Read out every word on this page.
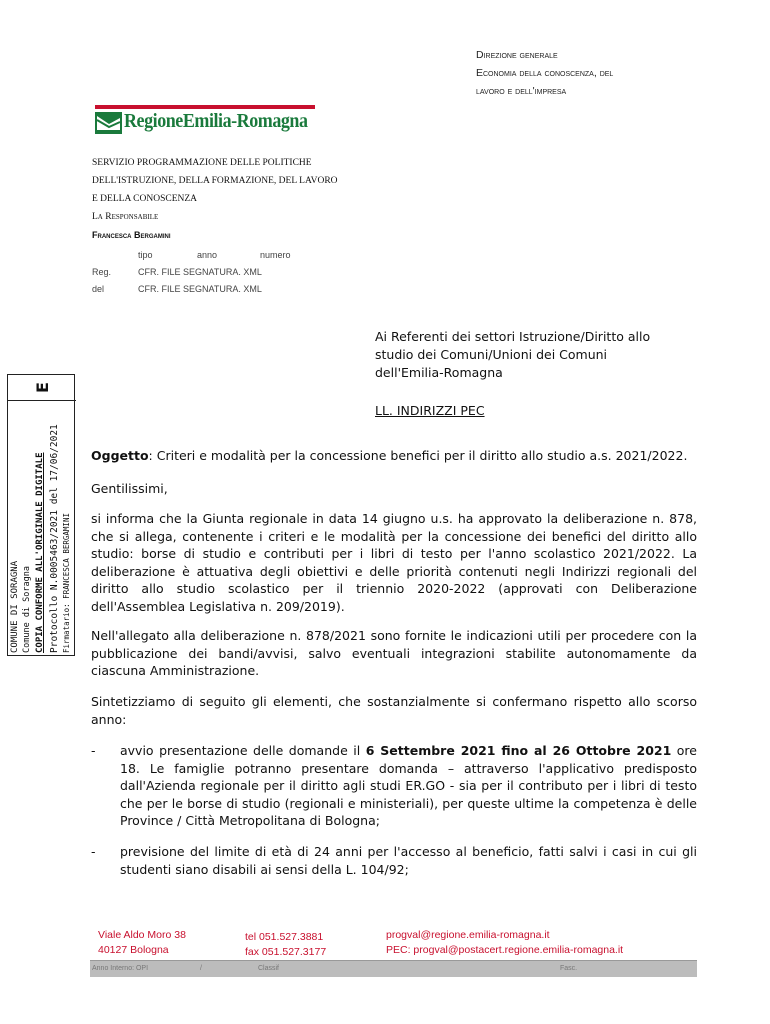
Direzione generale
Economia della conoscenza, del
lavoro e dell'impresa
RegioneEmilia-Romagna
SERVIZIO PROGRAMMAZIONE DELLE POLITICHE
DELL'ISTRUZIONE, DELLA FORMAZIONE, DEL LAVORO
E DELLA CONOSCENZA
La Responsabile
Francesca Bergamini
tipo	anno	numero
Reg.	CFR. FILE SEGNATURA. XML
del	CFR. FILE SEGNATURA. XML
Ai Referenti dei settori Istruzione/Diritto allo
studio dei Comuni/Unioni dei Comuni
dell'Emilia-Romagna
LL. INDIRIZZI PEC
Oggetto: Criteri e modalità per la concessione benefici per il diritto allo studio a.s. 2021/2022.
Gentilissimi,
si informa che la Giunta regionale in data 14 giugno u.s. ha approvato la deliberazione n. 878, che si allega, contenente i criteri e le modalità per la concessione dei benefici del diritto allo studio: borse di studio e contributi per i libri di testo per l'anno scolastico 2021/2022. La deliberazione è attuativa degli obiettivi e delle priorità contenuti negli Indirizzi regionali del diritto allo studio scolastico per il triennio 2020-2022 (approvati con Deliberazione dell'Assemblea Legislativa n. 209/2019).
Nell'allegato alla deliberazione n. 878/2021 sono fornite le indicazioni utili per procedere con la pubblicazione dei bandi/avvisi, salvo eventuali integrazioni stabilite autonomamente da ciascuna Amministrazione.
Sintetizziamo di seguito gli elementi, che sostanzialmente si confermano rispetto allo scorso anno:
- avvio presentazione delle domande il 6 Settembre 2021 fino al 26 Ottobre 2021 ore 18. Le famiglie potranno presentare domanda – attraverso l'applicativo predisposto dall'Azienda regionale per il diritto agli studi ER.GO - sia per il contributo per i libri di testo che per le borse di studio (regionali e ministeriali), per queste ultime la competenza è delle Province / Città Metropolitana di Bologna;
- previsione del limite di età di 24 anni per l'accesso al beneficio, fatti salvi i casi in cui gli studenti siano disabili ai sensi della L. 104/92;
E
COMUNE DI SORAGNA Comune di Soragna COPIA CONFORME ALL'ORIGINALE DIGITALE Protocollo N.0005463/2021 del 17/06/2021 Firmatario: FRANCESCA BERGAMINI
Viale Aldo Moro 38
40127 Bologna
tel 051.527.3881
fax 051.527.3177
progval@regione.emilia-romagna.it
PEC: progval@postacert.regione.emilia-romagna.it
Anno Interno: OPI	/	Classif	Fasc.
